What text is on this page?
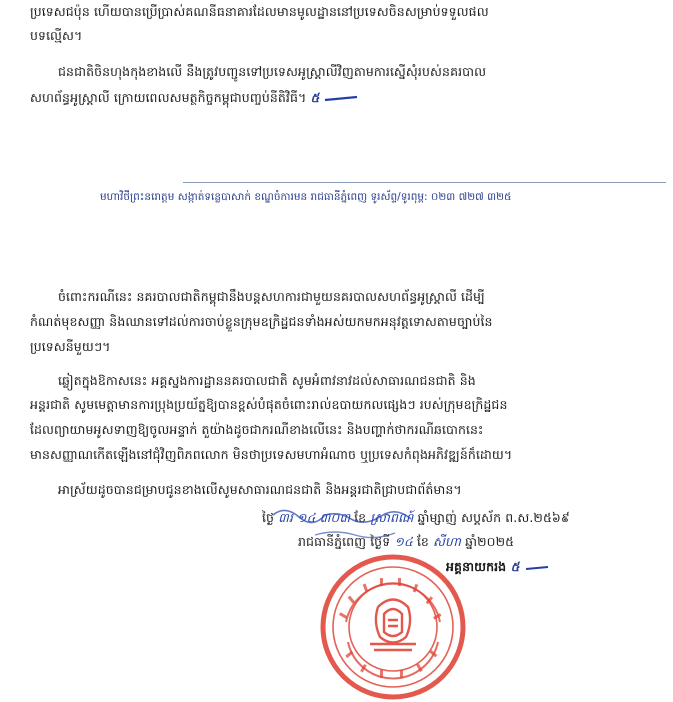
ប្រទេសជប៉ុន ហើយបានប្រើប្រាស់គណនីធនាគារដែលមានមូលដ្ឋាននៅប្រទេសចិនសម្រាប់ទទួលផល
បទល្មើស។
ជនជាតិចិនហុងកុងខាងលើ នឹងត្រូវបញ្ជូនទៅប្រទេសអូស្ត្រាលីវិញតាមការស្នើសុំរបស់នគរបាល
សហព័ន្ធអូស្ត្រាលី ក្រោយពេលសមត្ថកិច្ចកម្ពុជាបញ្ចប់នីតិវិធី។ ៥
មហាវិថីព្រះនរោត្តម សង្កាត់ទន្លេបាសាក់ ខណ្ឌចំការមន រាជធានីភ្នំពេញ ទូរស័ព្ទ/ទូរពុម្ព: ០២៣ ៧២៧ ៣២៥
ចំពោះករណីនេះ នគរបាលជាតិកម្ពុជានឹងបន្តសហការជាមួយនគរបាលសហព័ន្ធអូស្ត្រាលី ដើម្បី
កំណត់មុខសញ្ញា និងឈានទៅដល់ការចាប់ខ្លួនក្រុមឧក្រិដ្ឋជនទាំងអស់យកមកអនុវត្តទោសតាមច្បាប់នៃ
ប្រទេសនីមួយៗ។
ឆ្លៀតក្នុងឱកាសនេះ អគ្គស្នងការដ្ឋាននគរបាលជាតិ សូមអំពាវនាវដល់សាធារណជនជាតិ និង
អន្តរជាតិ សូមមេត្តាមានការប្រុងប្រយ័ត្នឱ្យបានខ្ពស់បំផុតចំពោះរាល់ឧបាយកលផ្សេងៗ របស់ក្រុមឧក្រិដ្ឋជន
ដែលព្យាយាមអូសទាញឱ្យចូលអន្ទាក់ តួយ៉ាងដូចជាករណីខាងលើនេះ និងបញ្ហាក់ថាករណីឆបោកនេះ
មានសញ្ញាណកើតឡើងនៅជុំវិញពិភពលោក មិនថាប្រទេសមហាអំណាច ឬប្រទេសកំពុងអភិវឌ្ឍន៍ក៏ដោយ។
អាស្រ័យដូចបានជម្រាបជូនខាងលើសូមសាធារណជនជាតិ និងអន្តរជាតិជ្រាបជាព័ត៌មាន។
ថ្ងៃ ៣រ ១៤ ៣០៣ ខែ ស្រាពណ៍ ឆ្នាំម្សាញ់ សប្តស័ក ព.ស.២៥៦៩
រាជធានីភ្នំពេញ ថ្ងៃទី ១៤ ខែ សីហា ឆ្នាំ២០២៥
អគ្គនាយករង ៥
